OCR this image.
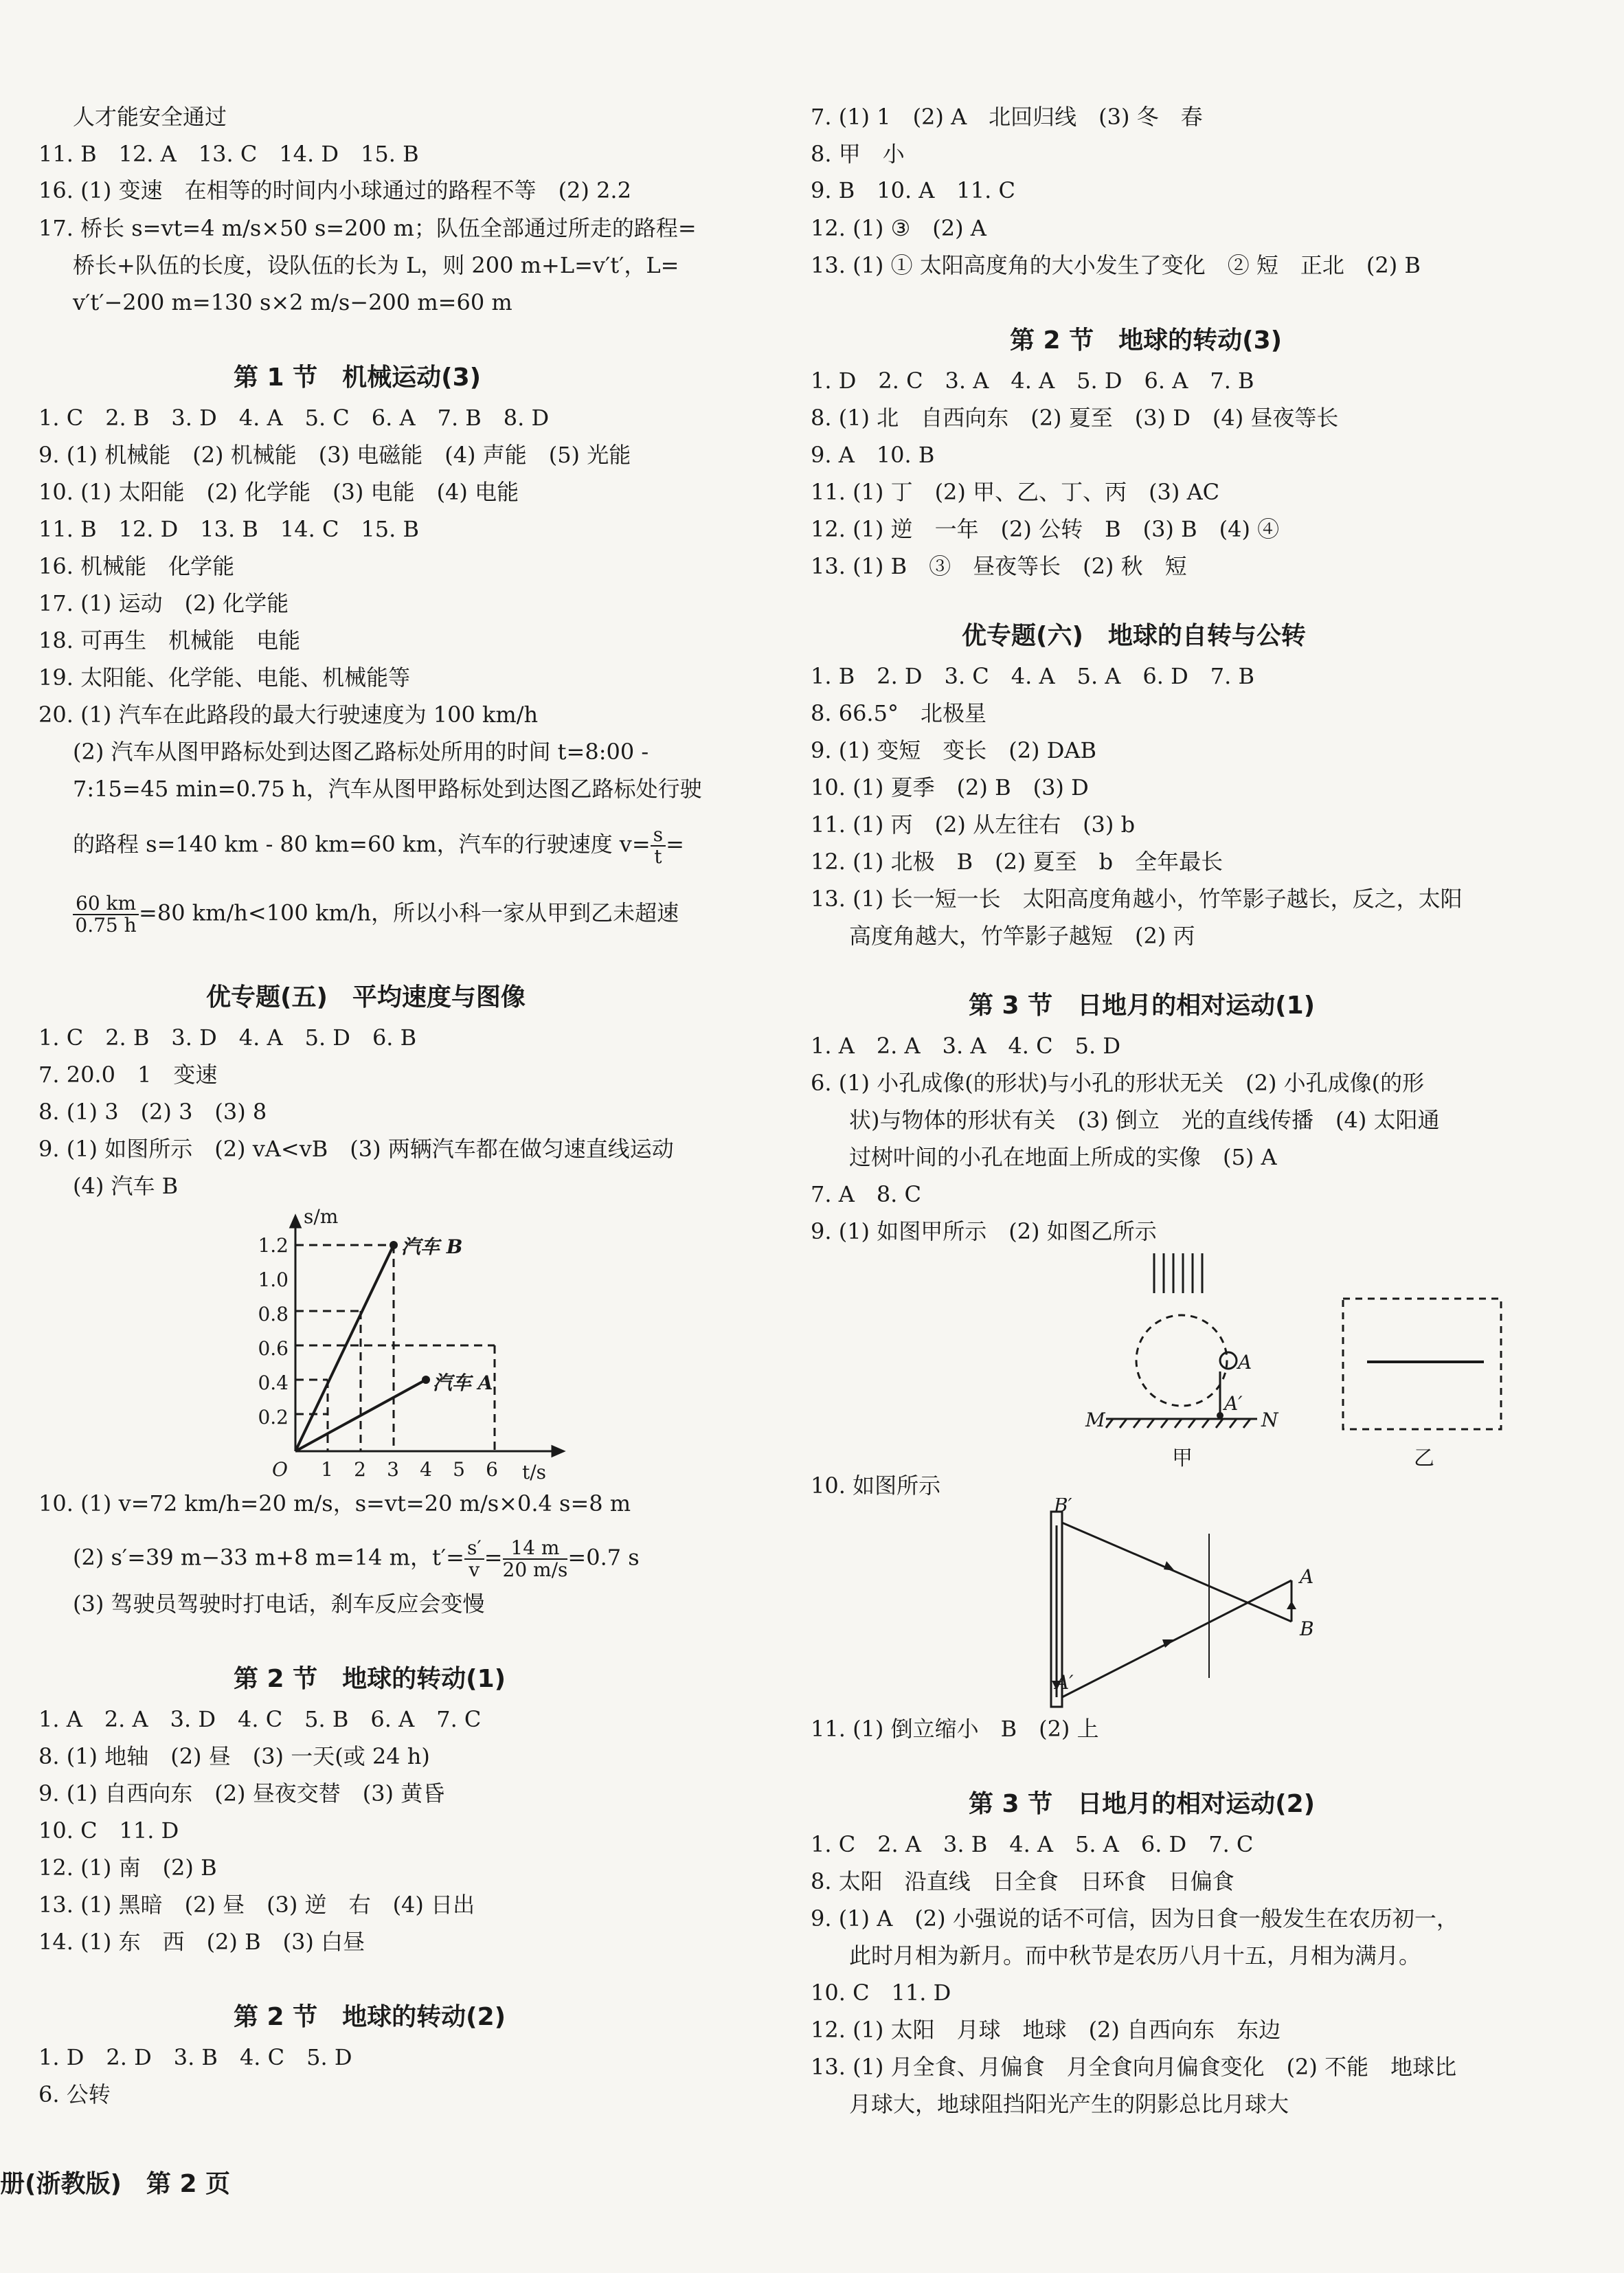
人才能安全通过
11. B　12. A　13. C　14. D　15. B
16. (1) 变速　在相等的时间内小球通过的路程不等　(2) 2.2
17. 桥长 s=vt=4 m/s×50 s=200 m；队伍全部通过所走的路程=
桥长+队伍的长度，设队伍的长为 L，则 200 m+L=v′t′，L=
v′t′−200 m=130 s×2 m/s−200 m=60 m
第 1 节　机械运动(3)
1. C　2. B　3. D　4. A　5. C　6. A　7. B　8. D
9. (1) 机械能　(2) 机械能　(3) 电磁能　(4) 声能　(5) 光能
10. (1) 太阳能　(2) 化学能　(3) 电能　(4) 电能
11. B　12. D　13. B　14. C　15. B
16. 机械能　化学能
17. (1) 运动　(2) 化学能
18. 可再生　机械能　电能
19. 太阳能、化学能、电能、机械能等
20. (1) 汽车在此路段的最大行驶速度为 100 km/h
(2) 汽车从图甲路标处到达图乙路标处所用的时间 t=8:00 -
7:15=45 min=0.75 h，汽车从图甲路标处到达图乙路标处行驶
的路程 s=140 km - 80 km=60 km，汽车的行驶速度 $v= \frac{s}{t}$ =
$\frac{60 km}{0.75 h} =80$ km/h<100 km/h，所以小科一家从甲到乙未超速
优专题(五)　平均速度与图像
1. C　2. B　3. D　4. A　5. D　6. B
7. 20.0　1　变速
8. (1) 3　(2) 3　(3) 8
9. (1) 如图所示　(2) vA<vB　(3) 两辆汽车都在做匀速直线运动
(4) 汽车 B
s/m
t/s
O
0.2
0.4
0.6
0.8
1.0
1.2
1 2 3 4 5 6
汽车 B
汽车 A
10. (1) v=72 km/h=20 m/s，s=vt=20 m/s×0.4 s=8 m
(2) s′=39 m−33 m+8 m=14 m，$t'= \frac{s'}{v} = \frac{14 m}{20 m/s} =0.7$ s
(3) 驾驶员驾驶时打电话，刹车反应会变慢
第 2 节　地球的转动(1)
1. A　2. A　3. D　4. C　5. B　6. A　7. C
8. (1) 地轴　(2) 昼　(3) 一天(或 24 h)
9. (1) 自西向东　(2) 昼夜交替　(3) 黄昏
10. C　11. D
12. (1) 南　(2) B
13. (1) 黑暗　(2) 昼　(3) 逆　右　(4) 日出
14. (1) 东　西　(2) B　(3) 白昼
第 2 节　地球的转动(2)
1. D　2. D　3. B　4. C　5. D
6. 公转
7. (1) 1　(2) A　北回归线　(3) 冬　春
8. 甲　小
9. B　10. A　11. C
12. (1) ③　(2) A
13. (1) ① 太阳高度角的大小发生了变化　② 短　正北　(2) B
第 2 节　地球的转动(3)
1. D　2. C　3. A　4. A　5. D　6. A　7. B
8. (1) 北　自西向东　(2) 夏至　(3) D　(4) 昼夜等长
9. A　10. B
11. (1) 丁　(2) 甲、乙、丁、丙　(3) AC
12. (1) 逆　一年　(2) 公转　B　(3) B　(4) ④
13. (1) B　③　昼夜等长　(2) 秋　短
优专题(六)　地球的自转与公转
1. B　2. D　3. C　4. A　5. A　6. D　7. B
8. 66.5°　北极星
9. (1) 变短　变长　(2) DAB
10. (1) 夏季　(2) B　(3) D
11. (1) 丙　(2) 从左往右　(3) b
12. (1) 北极　B　(2) 夏至　b　全年最长
13. (1) 长一短一长　太阳高度角越小，竹竿影子越长，反之，太阳
高度角越大，竹竿影子越短　(2) 丙
第 3 节　日地月的相对运动(1)
1. A　2. A　3. A　4. C　5. D
6. (1) 小孔成像(的形状)与小孔的形状无关　(2) 小孔成像(的形
状)与物体的形状有关　(3) 倒立　光的直线传播　(4) 太阳通
过树叶间的小孔在地面上所成的实像　(5) A
7. A　8. C
9. (1) 如图甲所示　(2) 如图乙所示
A
A′
M	N
甲	乙
10. 如图所示
B′
A′
A
B
11. (1) 倒立缩小　B　(2) 上
第 3 节　日地月的相对运动(2)
1. C　2. A　3. B　4. A　5. A　6. D　7. C
8. 太阳　沿直线　日全食　日环食　日偏食
9. (1) A　(2) 小强说的话不可信，因为日食一般发生在农历初一，
此时月相为新月。而中秋节是农历八月十五，月相为满月。
10. C　11. D
12. (1) 太阳　月球　地球　(2) 自西向东　东边
13. (1) 月全食、月偏食　月全食向月偏食变化　(2) 不能　地球比
月球大，地球阻挡阳光产生的阴影总比月球大
册(浙教版)　第 2 页
